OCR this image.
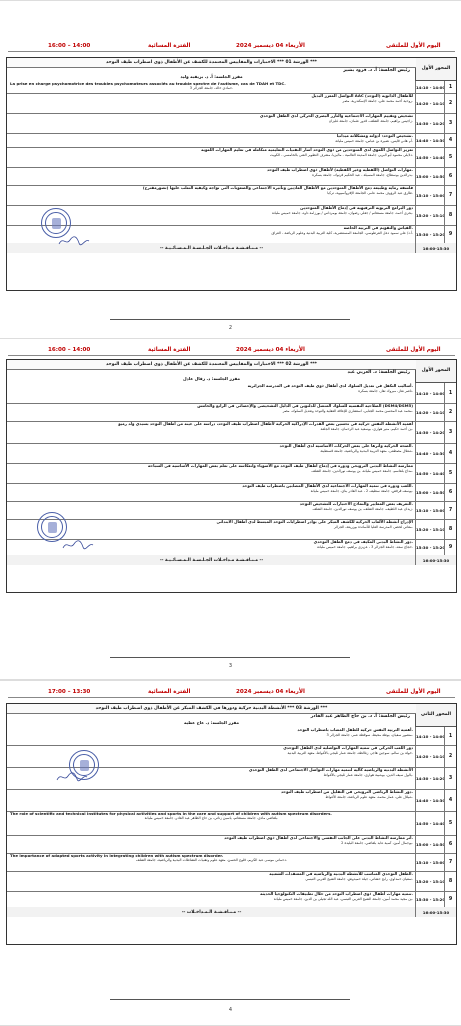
16:00 – 14:00	الفترة المسائية	الأربعاء 04 ديسمبر 2024	اليوم الأول للملتقى
المحور الأول
الورشة 01 *** الاختبارات والمقاييس المعتمدة للكشف عن الأطفال ذوي اضطراب طيف التوحد ***
رئيس الجلسة: أ. د. قرود بشير
مقرر الجلسة: أ. د. بريقبة وليد
La prise en charge psychomotrice des troubles psychomoteurs associés au trouble spectre de l'autisme, cas de TDAH et TDC.
حمادي خالد، جامعة الجزائر 3.	14:10 - 14:00 1
التواصل المعزز البديل AAC للأطفال الذاتوية (التوحد)
روحية أحمد محمد علي، جامعة الإسكندرية، مصر. 14:20 - 14:10 2
تشخيص وتقييم المهارات الاجتماعية والتآزر البصري الحركي لدى الطفل التوحدي
زاجيس براهيم، جامعة الشلف، قدور عثمان، جامعة غليزان. 14:30 - 14:20 3
تشخيص التوحد: أدواته ومشكلاته ميدانيا.
أم هاني قايس، نصيرة بن عباس، جامعة خميس مليانة. 14:40 - 14:30 4
تعزيز التواصل اللغوي لدى المتوحدين من ذوي التوحد أسار التقنيات التعليمية متكاملة في تعليم المهارات اللغوية
دلايلي محمود أبو البرير، جامعة المدينة العالمية - ماليزيا، مشرف التطوير الفني بالخامسي - الكويت. 14:50 - 14:40 5
مهارات التواصل (اللفظية وغير اللفظية) لأطفال ذوي اضطراب طيف التوحد.
بدرالدين بوسطاح، جامعة المسيلة - عبد الحكيم فرنوك، جامعة بسكرة. 15:00 - 14:50 6
فلسفة رماية وطبيعة دمج الأطفال المتوحدين مع الأطفال العاديين وتأثيره الاجتماعي والصعوبات التي تواجه وكيفية التغلب عليها (تصورمقترح)
طارق عبد الرؤوف محمد عامر، الجامعة الإفروآسيوية، تركيا. 15:10 - 15:00 7
دور البرامج التربوية الترفيهية في إدماج الأطفال المتوحدين
بحري أحمد، جامعة مستغانم / جغلي رضوان، جامعة بومرداس / بورزامة داود، جامعة خميس مليانة. 15:20 - 15:10 8
القياس والتقويم في التربية الخاصة.
أ.د/ علي سمود دعل الفرطوسي، الجامعة المستنصرية، كلية التربية البدنية وعلوم الرياضة - العراق. 15:30 - 15:20 9
-- مـنـاقـشـة مـداخـلات الجـلـسـة الـمـسـائـيـة --	16:00-15:30
2
16:00 – 14:00	الفترة المسائية	الأربعاء 04 ديسمبر 2024	اليوم الأول للملتقى
المحور الأول
الورشة 02 *** الاختبارات والمقاييس المعتمدة للكشف عن الأطفال ذوي اضطراب طيف التوحد ***
رئيس الجلسة: د. العربي عبد
مقرر الجلسة: د. زقال عادل
أساليب التكفل في تعديل السلوك لدى أطفال ذوي طيف التوحد في المدرسة الجزائرية.
ناصر نقاز، مبروك تقاز، جامعة بسكرة. 14:10 - 14:00 1
الصلاحية النفسية للسلوك المتصل للدلتوين في الدليل التشخيصي والإحصائي في الرابع والخامس (DSM4/DSM5)
محمد عبد المحسن محمد الجنابي، استشاري للإعاقة العقلية والتوحد وتعديل السلوك، مصر. 14:20 - 14:10 2
أهمية الأنشطة النفس حركية في تحسين بعض القدرات الإدراكية الحركية لأطفال اضطراب طيف التوحد، دراسة على عينة من أطفال التوحد بسيدي ولد رميو
بن أحمد حكيم، منير هواري، بوسعيد عبد الرحمان، جامعة الجلفة.
14:30 - 14:20 3
الصحة الحركية وأثرها على بعض الحركات الأساسية لدى أطفال التوحد.
شعلال مصطفى، معهد التربية البدنية والرياضية، جامعة قسنطينة. 14:40 - 14:30 4
ممارسة النشاط البدني الترويحي ودوره في إدماج أطفال طيف التوحد مع الأسوياء وانعكاسه على تعلم بعض المهارات الأساسية في السباحة
مداح بلقاسم، جامعة خميس مليانة، بن يوسف نورالدين، جامعة الشلف. 14:50 - 14:40 5
اللعب ودوره في تنمية المهارات الاجتماعية لدى الأطفال المصابين باضطراب طيف التوحد.
يوسف قرفص، جامعة سطيف 2 ، عبد القادر بناي، جامعة خميس مليانة. 15:00 - 14:50 6
التعريف بعض المعايير والنماذج الاختبارات للتشخيص التوحد.
زيدان عبد اللطيف، جامعة الشلف، بن يوسف نورالدين، جامعة الشلف. 15:10 - 15:00 7
الإدراج أنشطة الألعاب الحركية للكشف المبكر على بوادر اضطرابات التوحد المبسط لدى أطفال الابتدائي
مقاني لخضر، المدرسة العليا للأساتذة بوزريعة، الجزائر. 15:20 - 15:10 8
دور النشاط البدني المكيف في دمج الطفل التوحدي.
حجاج سعد، جامعة الجزائر 3 ، عزيزي براهيم، جامعة خميس مليانة. 15:30 - 15:20 9
-- مـنـاقـشـة مـداخـلات الجـلـسـة الـمـسـائـيـة --	16:00-15:30
3
17:00 – 13:30	الفترة المسائية	الأربعاء 04 ديسمبر 2024	اليوم الأول للملتقى
المحور الثاني
الورشة 03 *** الأنشطة البدنية حركية ودورها في الكشف المبكر عن الأطفال ذوي اضطراب طيف التوحد ***
رئيس الجلسة: أ. د. بن حاج الطاهر عبد القادر
مقرر الجلسة: د. عاج عطية
أهمية التربية النفس حركية للطفل المصاب باضطراب التوحد.
منصور سفيان، بوطة محيط، سوقطة عمر، جامعة الجزائر 3. 14:10 - 14:00 1
دور اللعب الحركي في تنمية المهارات التواصلية لدى الطفل التوحدي
خولة بن سالم، سوجين هاجر، زغالطة، جامعة عمار ثليجي بالأغواط، معهد التربية البدنية.
14:20 - 14:10 2
الأنشطة البدنية والرياضية كآلية لتنمية مهارات التواصل الاجتماعي لدى الطفل التوحدي
بالول سيف الدين، بوشيبة هواري، جامعة عمار ثليجي بالأغواط.
14:30 - 14:20 3
دور النشاط الرياضي الترويحي في التقليل من اضطراب طيف التوحد.
شيلال علي، عمار محمد، معهد علوم الرياضة، جامعة الأغواط.
14:40 - 14:30 4
The role of scientific and technical institutes for physical activities and sports in the care and support of children with autism spectrum disorders.
بلقاضي مادي، جامعة مستغانم، ياسين زناتي، بن حاج الطاهر عبد القادر، جامعة خميس مليانة.
14:50 - 14:40 5
أثر ممارسة النشاط البدني على الجانب النفسي والاجتماعي لدى أطفال ذوي اضطراب طيف التوحد.
بوجمال أمين، آسية عابد بلقاضي، جامعة البليدة 2. 15:00 - 14:50 6
The importance of adapted sports activity in integrating children with autism spectrum disorder.
دحماني موسى عبد الكريم، قلوج الحسن، معهد علوم وتقنيات النشاطات البدنية والرياضية، جامعة الشلف.	15:10 - 15:00 7
الطفل التوحدي المناسب للأنشطة البدنية والرياضية في المعتقدات الشعبية.
سفيان حمداوي، رابح حشاني، جيلة حميدوش، جامعة الشيخ العربي التبسي. 15:20 - 15:10 8
تنمية مهارات أطفال ذوي اضطراب التوحد من خلال تطبيقات التكنولوجيا الحديثة.
بن مجيد محمد أمين، جامعة الشيخ العربي التبسي، عبد الله تجيلي بن الدين، جامعة خميس مليانة. 15:30 - 15:20 9
-- مـنـاقـشـة الـمـداخـلات --	16:00-15:30
4
